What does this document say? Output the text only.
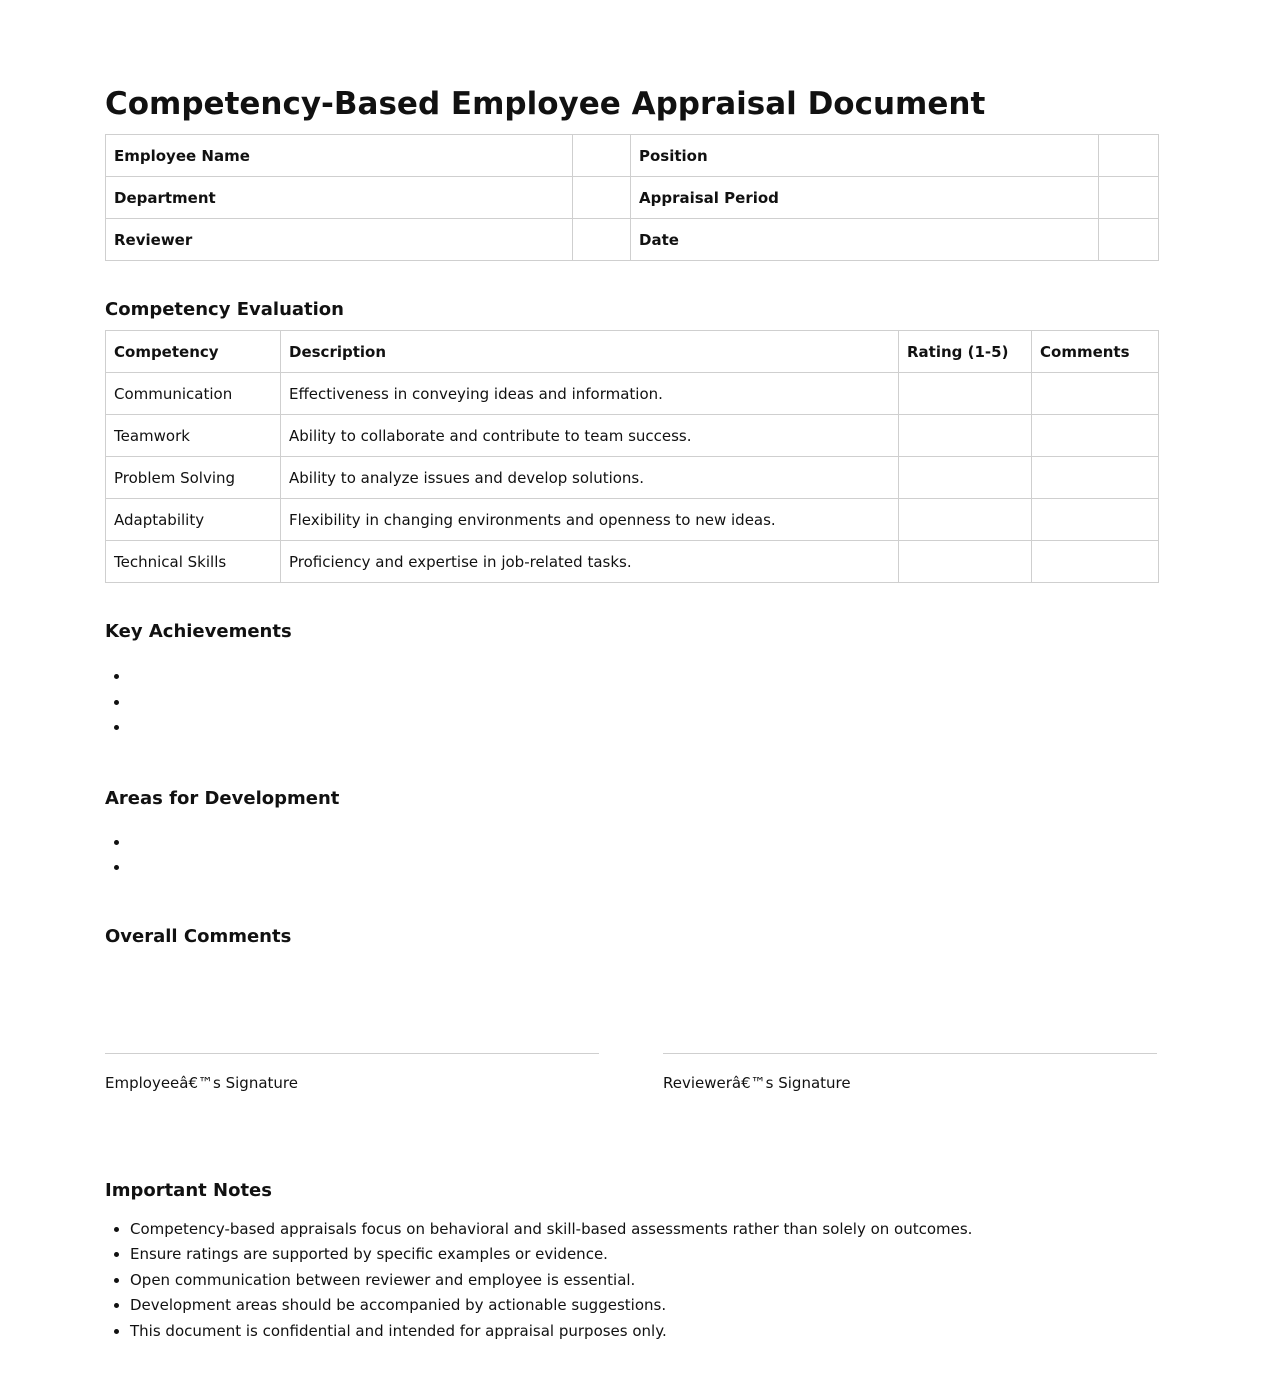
Competency-Based Employee Appraisal Document
Employee Name		Position	
Department		Appraisal Period	
Reviewer		Date	
Competency Evaluation
Competency	Description	Rating (1-5)	Comments
Communication	Effectiveness in conveying ideas and information.		
Teamwork	Ability to collaborate and contribute to team success.		
Problem Solving	Ability to analyze issues and develop solutions.		
Adaptability	Flexibility in changing environments and openness to new ideas.		
Technical Skills	Proficiency and expertise in job-related tasks.		
Key Achievements
•
•
•
Areas for Development
•
•
Overall Comments
Employeeâ€™s Signature	Reviewerâ€™s Signature
Important Notes
• Competency-based appraisals focus on behavioral and skill-based assessments rather than solely on outcomes.
• Ensure ratings are supported by specific examples or evidence.
• Open communication between reviewer and employee is essential.
• Development areas should be accompanied by actionable suggestions.
• This document is confidential and intended for appraisal purposes only.
